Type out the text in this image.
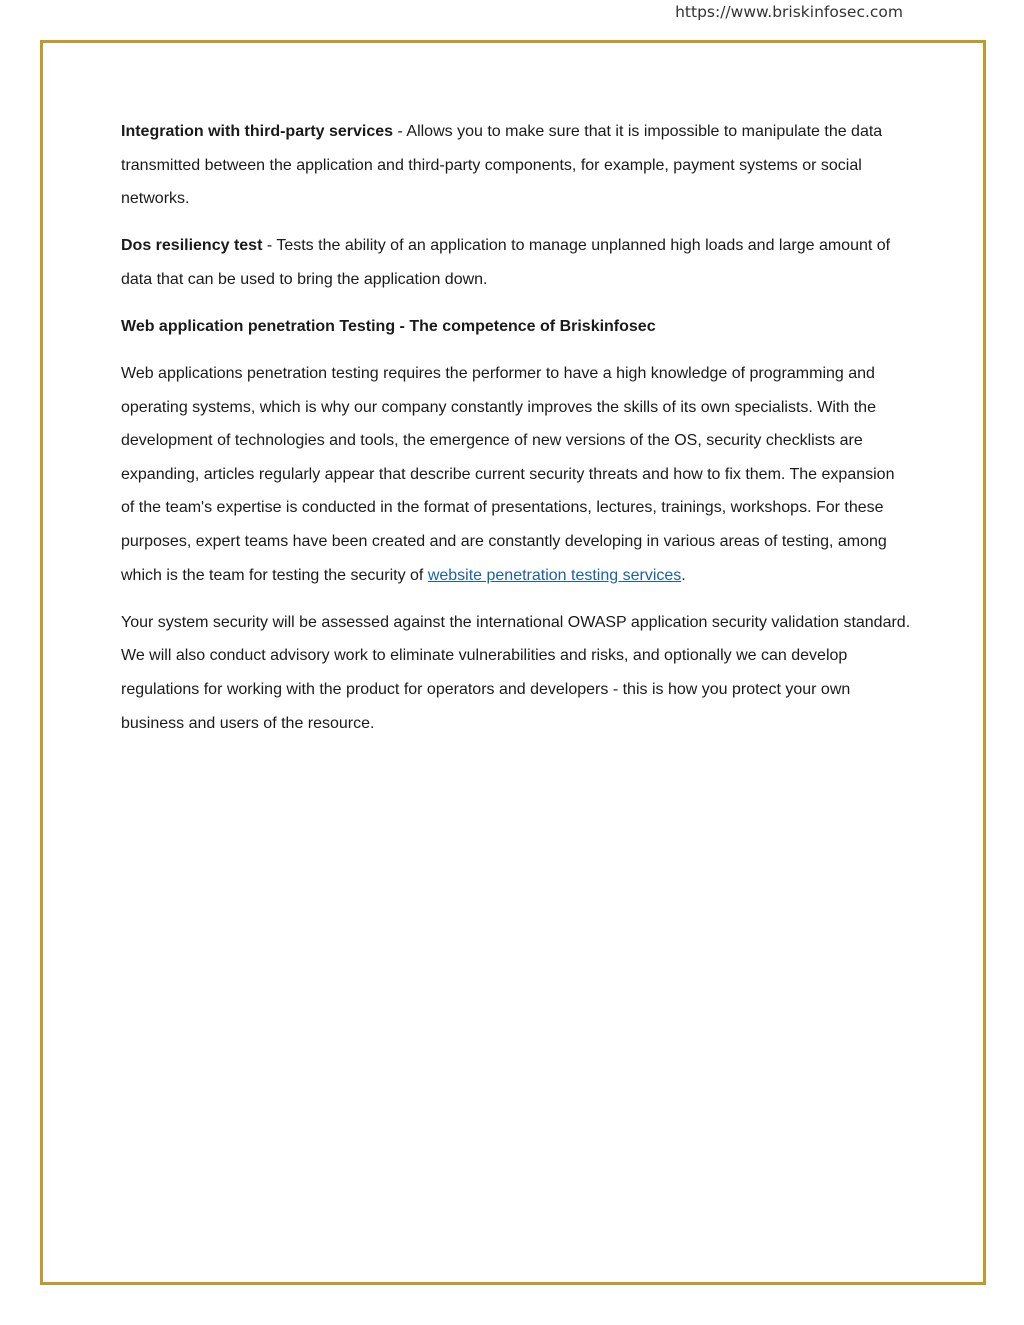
https://www.briskinfosec.com

Integration with third-party services - Allows you to make sure that it is impossible to manipulate the data transmitted between the application and third-party components, for example, payment systems or social networks.

Dos resiliency test - Tests the ability of an application to manage unplanned high loads and large amount of data that can be used to bring the application down.

Web application penetration Testing - The competence of Briskinfosec

Web applications penetration testing requires the performer to have a high knowledge of programming and operating systems, which is why our company constantly improves the skills of its own specialists. With the development of technologies and tools, the emergence of new versions of the OS, security checklists are expanding, articles regularly appear that describe current security threats and how to fix them. The expansion of the team's expertise is conducted in the format of presentations, lectures, trainings, workshops. For these purposes, expert teams have been created and are constantly developing in various areas of testing, among which is the team for testing the security of website penetration testing services.

Your system security will be assessed against the international OWASP application security validation standard. We will also conduct advisory work to eliminate vulnerabilities and risks, and optionally we can develop regulations for working with the product for operators and developers - this is how you protect your own business and users of the resource.
